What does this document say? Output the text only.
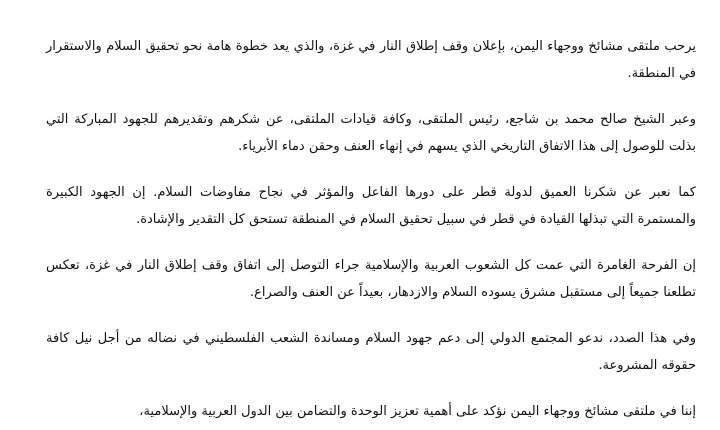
يرحب ملتقى مشائخ ووجهاء اليمن، بإعلان وقف إطلاق النار في غزة، والذي يعد خطوة هامة نحو تحقيق السلام والاستقرار في المنطقة.

وعبر الشيخ صالح محمد بن شاجع، رئيس الملتقى، وكافة قيادات الملتقى، عن شكرهم وتقديرهم للجهود المباركة التي بذلت للوصول إلى هذا الاتفاق التاريخي الذي يسهم في إنهاء العنف وحقن دماء الأبرياء.

كما نعبر عن شكرنا العميق لدولة قطر على دورها الفاعل والمؤثر في نجاح مفاوضات السلام. إن الجهود الكبيرة والمستمرة التي تبذلها القيادة في قطر في سبيل تحقيق السلام في المنطقة تستحق كل التقدير والإشادة.

إن الفرحة الغامرة التي عمت كل الشعوب العربية والإسلامية جراء التوصل إلى اتفاق وقف إطلاق النار في غزة، تعكس تطلعنا جميعاً إلى مستقبل مشرق يسوده السلام والازدهار، بعيداً عن العنف والصراع.

وفي هذا الصدد، ندعو المجتمع الدولي إلى دعم جهود السلام ومساندة الشعب الفلسطيني في نضاله من أجل نيل كافة حقوقه المشروعة.

إننا في ملتقى مشائخ ووجهاء اليمن نؤكد على أهمية تعزيز الوحدة والتضامن بين الدول العربية والإسلامية،
